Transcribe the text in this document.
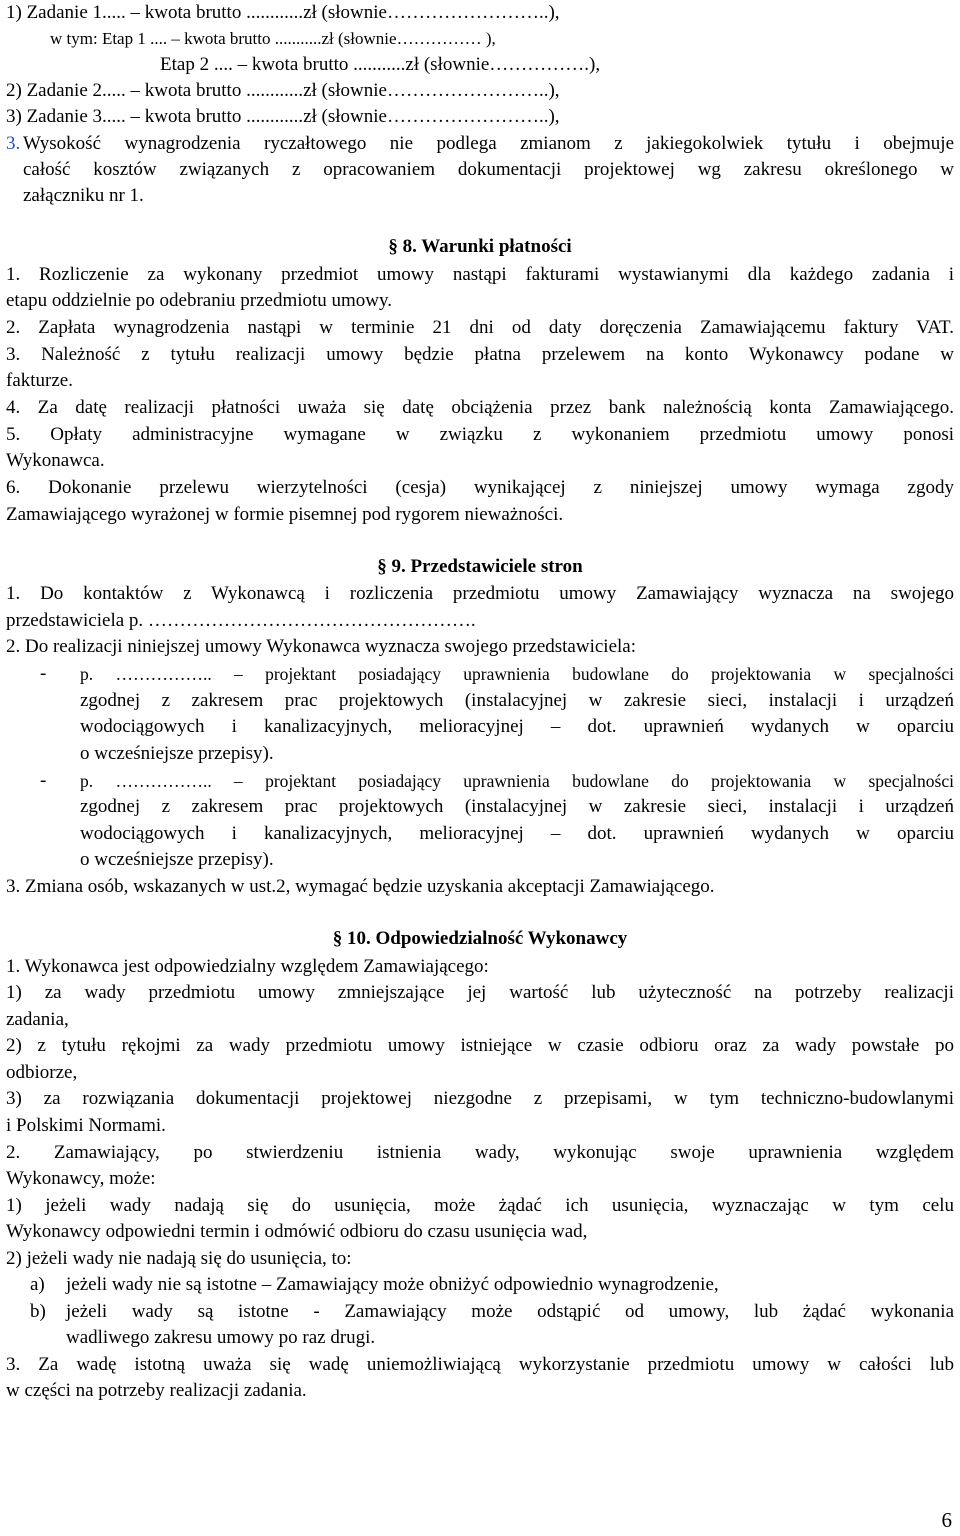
1) Zadanie 1..... – kwota brutto ............zł (słownie……………………..),
w tym: Etap 1 .... – kwota brutto ...........zł (słownie…………… ),
Etap 2 .... – kwota brutto ...........zł (słownie…………….),
2) Zadanie 2..... – kwota brutto ............zł (słownie……………………..),
3) Zadanie 3..... – kwota brutto ............zł (słownie……………………..),
3. Wysokość wynagrodzenia ryczałtowego nie podlega zmianom z jakiegokolwiek tytułu i obejmuje
całość kosztów związanych z opracowaniem dokumentacji projektowej wg zakresu określonego w
załączniku nr 1.
§ 8. Warunki płatności
1. Rozliczenie za wykonany przedmiot umowy nastąpi fakturami wystawianymi dla każdego zadania i
etapu oddzielnie po odebraniu przedmiotu umowy.
2. Zapłata wynagrodzenia nastąpi w terminie 21 dni od daty doręczenia Zamawiającemu faktury VAT.
3. Należność z tytułu realizacji umowy będzie płatna przelewem na konto Wykonawcy podane w
fakturze.
4. Za datę realizacji płatności uważa się datę obciążenia przez bank należnością konta Zamawiającego.
5. Opłaty administracyjne wymagane w związku z wykonaniem przedmiotu umowy ponosi
Wykonawca.
6. Dokonanie przelewu wierzytelności (cesja) wynikającej z niniejszej umowy wymaga zgody
Zamawiającego wyrażonej w formie pisemnej pod rygorem nieważności.
§ 9. Przedstawiciele stron
1. Do kontaktów z Wykonawcą i rozliczenia przedmiotu umowy Zamawiający wyznacza na swojego
przedstawiciela p. …………………………………………….
2. Do realizacji niniejszej umowy Wykonawca wyznacza swojego przedstawiciela:
- p. …………….. – projektant posiadający uprawnienia budowlane do projektowania w specjalności
zgodnej z zakresem prac projektowych (instalacyjnej w zakresie sieci, instalacji i urządzeń
wodociągowych i kanalizacyjnych, melioracyjnej – dot. uprawnień wydanych w oparciu
o wcześniejsze przepisy).
- p. …………….. – projektant posiadający uprawnienia budowlane do projektowania w specjalności
zgodnej z zakresem prac projektowych (instalacyjnej w zakresie sieci, instalacji i urządzeń
wodociągowych i kanalizacyjnych, melioracyjnej – dot. uprawnień wydanych w oparciu
o wcześniejsze przepisy).
3. Zmiana osób, wskazanych w ust.2, wymagać będzie uzyskania akceptacji Zamawiającego.
§ 10. Odpowiedzialność Wykonawcy
1. Wykonawca jest odpowiedzialny względem Zamawiającego:
1) za wady przedmiotu umowy zmniejszające jej wartość lub użyteczność na potrzeby realizacji
zadania,
2) z tytułu rękojmi za wady przedmiotu umowy istniejące w czasie odbioru oraz za wady powstałe po
odbiorze,
3) za rozwiązania dokumentacji projektowej niezgodne z przepisami, w tym techniczno-budowlanymi
i Polskimi Normami.
2. Zamawiający, po stwierdzeniu istnienia wady, wykonując swoje uprawnienia względem
Wykonawcy, może:
1) jeżeli wady nadają się do usunięcia, może żądać ich usunięcia, wyznaczając w tym celu
Wykonawcy odpowiedni termin i odmówić odbioru do czasu usunięcia wad,
2) jeżeli wady nie nadają się do usunięcia, to:
a) jeżeli wady nie są istotne – Zamawiający może obniżyć odpowiednio wynagrodzenie,
b) jeżeli wady są istotne - Zamawiający może odstąpić od umowy, lub żądać wykonania
wadliwego zakresu umowy po raz drugi.
3. Za wadę istotną uważa się wadę uniemożliwiającą wykorzystanie przedmiotu umowy w całości lub
w części na potrzeby realizacji zadania.
6
